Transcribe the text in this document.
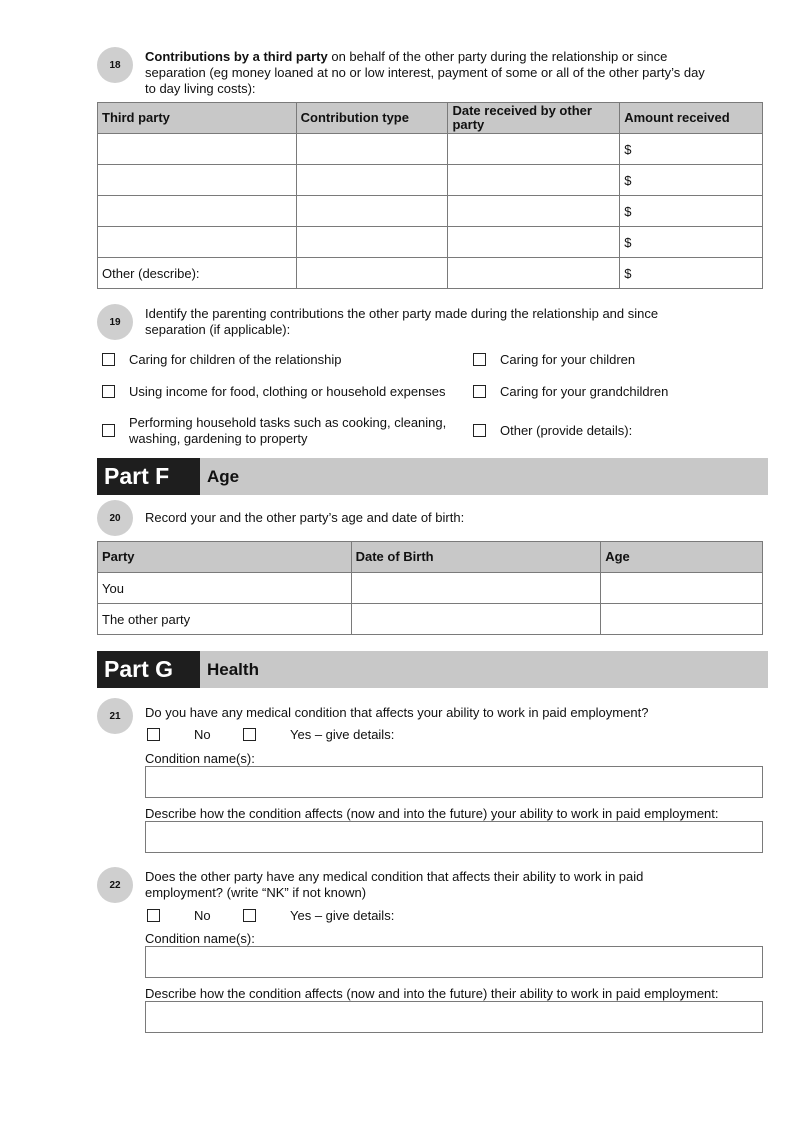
18
Contributions by a third party on behalf of the other party during the relationship or since separation (eg money loaned at no or low interest, payment of some or all of the other party’s day to day living costs):
Third party	Contribution type	Date received by other party	Amount received
			$
			$
			$
			$
Other (describe):			$
19
Identify the parenting contributions the other party made during the relationship and since separation (if applicable):
Caring for children of the relationship	Caring for your children
Using income for food, clothing or household expenses	Caring for your grandchildren
Performing household tasks such as cooking, cleaning, washing, gardening to property
Other (provide details):
Part F	Age
20	Record your and the other party’s age and date of birth:
Party	Date of Birth	Age
You		
The other party		
Part G	Health
21	Do you have any medical condition that affects your ability to work in paid employment?
No	Yes – give details:
Condition name(s):
Describe how the condition affects (now and into the future) your ability to work in paid employment:
22
Does the other party have any medical condition that affects their ability to work in paid employment? (write “NK” if not known)
No	Yes – give details:
Condition name(s):
Describe how the condition affects (now and into the future) their ability to work in paid employment:
